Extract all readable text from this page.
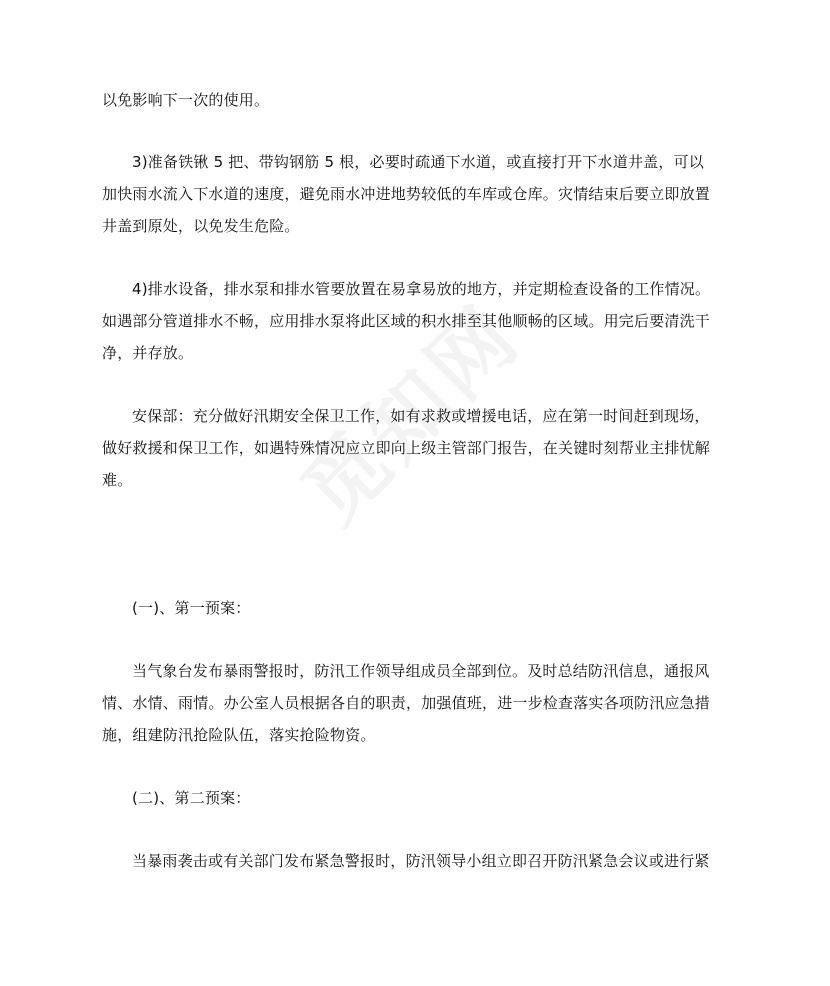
以免影响下一次的使用。
3)准备铁锹 5 把、带钩钢筋 5 根，必要时疏通下水道，或直接打开下水道井盖，可以
加快雨水流入下水道的速度，避免雨水冲进地势较低的车库或仓库。灾情结束后要立即放置
井盖到原处，以免发生危险。
4)排水设备，排水泵和排水管要放置在易拿易放的地方，并定期检查设备的工作情况。
如遇部分管道排水不畅，应用排水泵将此区域的积水排至其他顺畅的区域。用完后要清洗干
净，并存放。
安保部：充分做好汛期安全保卫工作，如有求救或增援电话，应在第一时间赶到现场，
做好救援和保卫工作，如遇特殊情况应立即向上级主管部门报告，在关键时刻帮业主排忧解
难。
(一)、第一预案：
当气象台发布暴雨警报时，防汛工作领导组成员全部到位。及时总结防汛信息，通报风
情、水情、雨情。办公室人员根据各自的职责，加强值班，进一步检查落实各项防汛应急措
施，组建防汛抢险队伍，落实抢险物资。
(二)、第二预案：
当暴雨袭击或有关部门发布紧急警报时，防汛领导小组立即召开防汛紧急会议或进行紧
